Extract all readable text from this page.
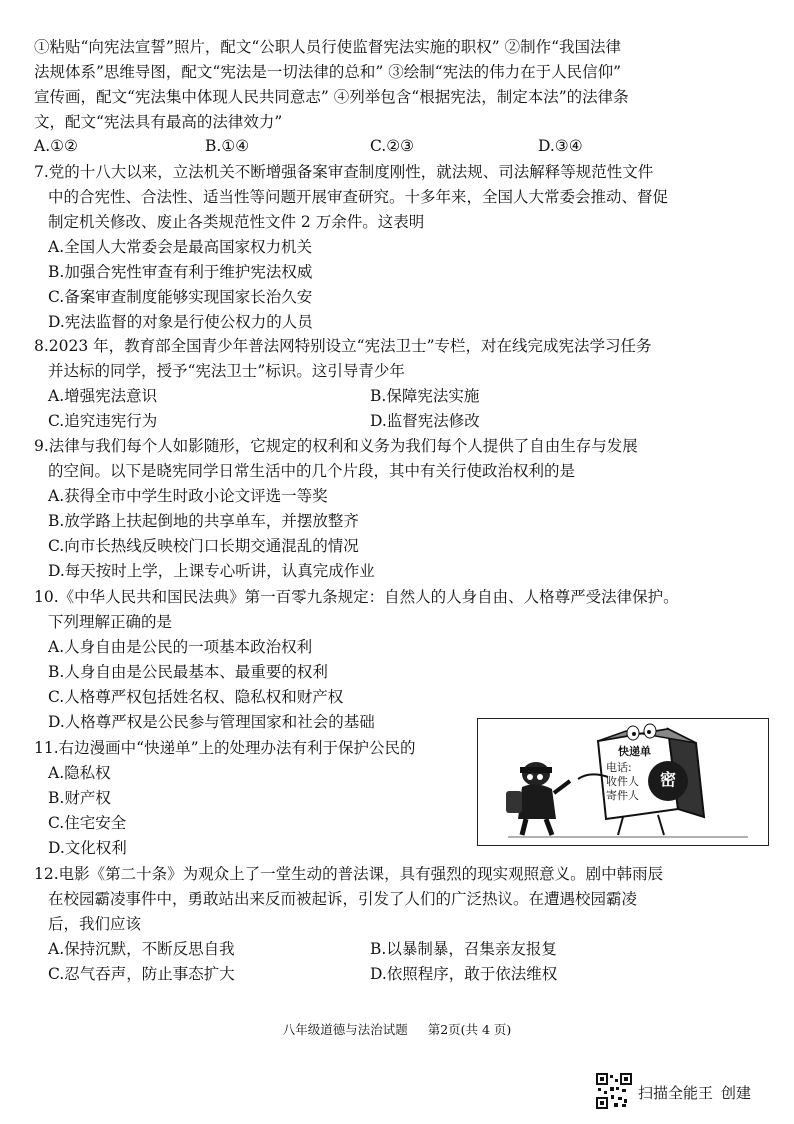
①粘贴“向宪法宣誓”照片，配文“公职人员行使监督宪法实施的职权” ②制作“我国法律
法规体系”思维导图，配文“宪法是一切法律的总和” ③绘制“宪法的伟力在于人民信仰”
宣传画，配文“宪法集中体现人民共同意志” ④列举包含“根据宪法，制定本法”的法律条
文，配文“宪法具有最高的法律效力”
A.①②	B.①④	C.②③	D.③④
7.党的十八大以来，立法机关不断增强备案审查制度刚性，就法规、司法解释等规范性文件
中的合宪性、合法性、适当性等问题开展审查研究。十多年来，全国人大常委会推动、督促
制定机关修改、废止各类规范性文件 2 万余件。这表明
A.全国人大常委会是最高国家权力机关
B.加强合宪性审查有利于维护宪法权威
C.备案审查制度能够实现国家长治久安
D.宪法监督的对象是行使公权力的人员
8.2023 年，教育部全国青少年普法网特别设立“宪法卫士”专栏，对在线完成宪法学习任务
并达标的同学，授予“宪法卫士”标识。这引导青少年
A.增强宪法意识	B.保障宪法实施
C.追究违宪行为	D.监督宪法修改
9.法律与我们每个人如影随形，它规定的权利和义务为我们每个人提供了自由生存与发展
的空间。以下是晓宪同学日常生活中的几个片段，其中有关行使政治权利的是
A.获得全市中学生时政小论文评选一等奖
B.放学路上扶起倒地的共享单车，并摆放整齐
C.向市长热线反映校门口长期交通混乱的情况
D.每天按时上学，上课专心听讲，认真完成作业
10.《中华人民共和国民法典》第一百零九条规定：自然人的人身自由、人格尊严受法律保护。
下列理解正确的是
A.人身自由是公民的一项基本政治权利
B.人身自由是公民最基本、最重要的权利
C.人格尊严权包括姓名权、隐私权和财产权
D.人格尊严权是公民参与管理国家和社会的基础
11.右边漫画中“快递单”上的处理办法有利于保护公民的
A.隐私权
B.财产权
C.住宅安全
D.文化权利
快递单
电话:
收件人
寄件人
密
12.电影《第二十条》为观众上了一堂生动的普法课，具有强烈的现实观照意义。剧中韩雨辰
在校园霸凌事件中，勇敢站出来反而被起诉，引发了人们的广泛热议。在遭遇校园霸凌
后，我们应该
A.保持沉默，不断反思自我	B.以暴制暴，召集亲友报复
C.忍气吞声，防止事态扩大	D.依照程序，敢于依法维权
八年级道德与法治试题 第2页(共 4 页)
扫描全能王 创建
